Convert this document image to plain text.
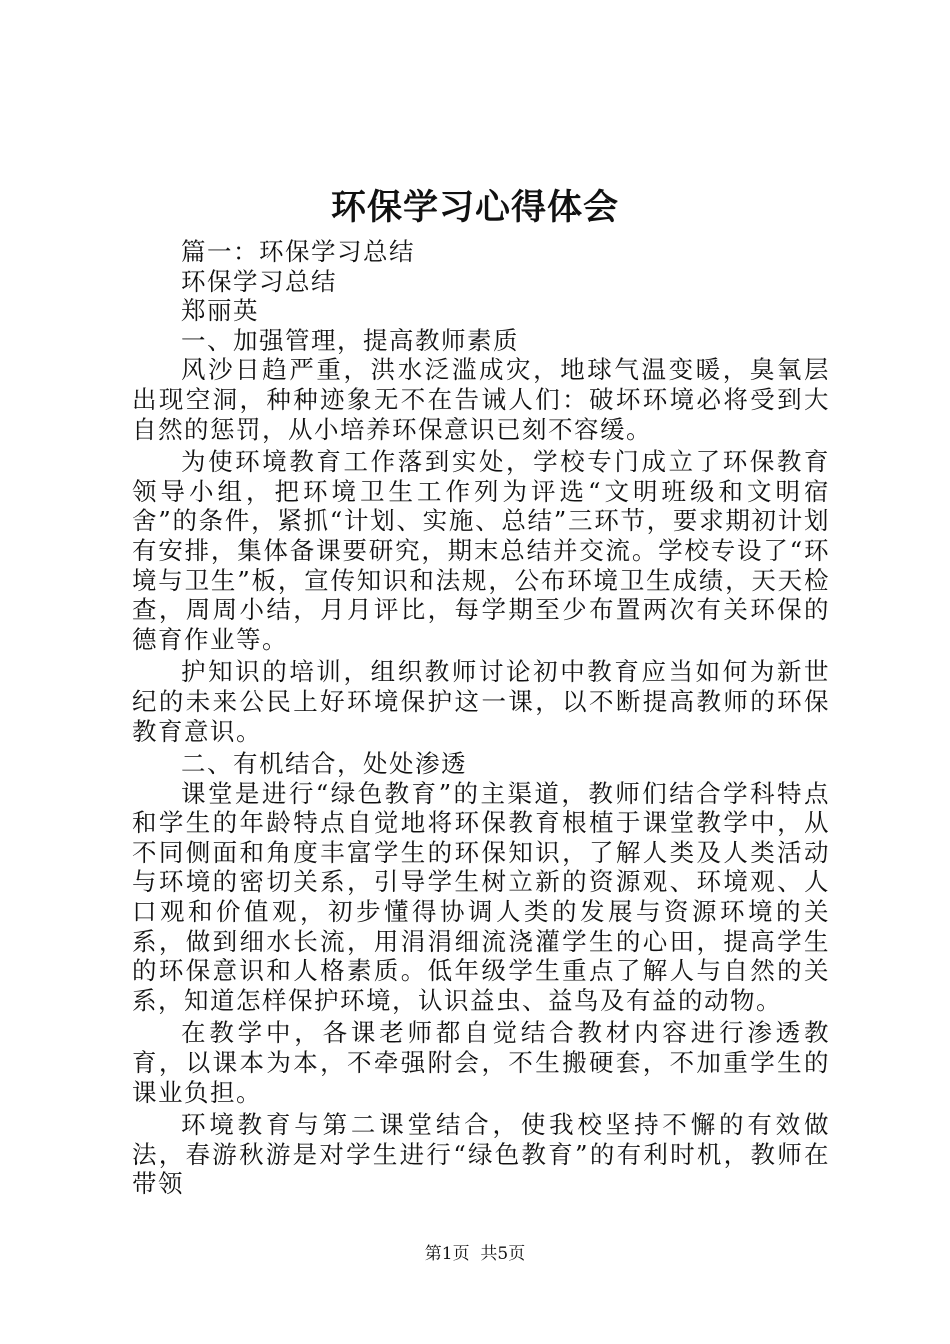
环保学习心得体会

篇一：环保学习总结

环保学习总结

郑丽英

一、加强管理，提高教师素质

风沙日趋严重，洪水泛滥成灾，地球气温变暖，臭氧层出现空洞，种种迹象无不在告诫人们：破坏环境必将受到大自然的惩罚，从小培养环保意识已刻不容缓。

为使环境教育工作落到实处，学校专门成立了环保教育领导小组，把环境卫生工作列为评选“文明班级和文明宿舍”的条件，紧抓“计划、实施、总结”三环节，要求期初计划有安排，集体备课要研究，期末总结并交流。学校专设了“环境与卫生”板，宣传知识和法规，公布环境卫生成绩，天天检查，周周小结，月月评比，每学期至少布置两次有关环保的德育作业等。

护知识的培训，组织教师讨论初中教育应当如何为新世纪的未来公民上好环境保护这一课，以不断提高教师的环保教育意识。

二、有机结合，处处渗透

课堂是进行“绿色教育”的主渠道，教师们结合学科特点和学生的年龄特点自觉地将环保教育根植于课堂教学中，从不同侧面和角度丰富学生的环保知识，了解人类及人类活动与环境的密切关系，引导学生树立新的资源观、环境观、人口观和价值观，初步懂得协调人类的发展与资源环境的关系，做到细水长流，用涓涓细流浇灌学生的心田，提高学生的环保意识和人格素质。低年级学生重点了解人与自然的关系，知道怎样保护环境，认识益虫、益鸟及有益的动物。

在教学中，各课老师都自觉结合教材内容进行渗透教育，以课本为本，不牵强附会，不生搬硬套，不加重学生的课业负担。

环境教育与第二课堂结合，使我校坚持不懈的有效做法，春游秋游是对学生进行“绿色教育”的有利时机，教师在带领

第1页 共5页
